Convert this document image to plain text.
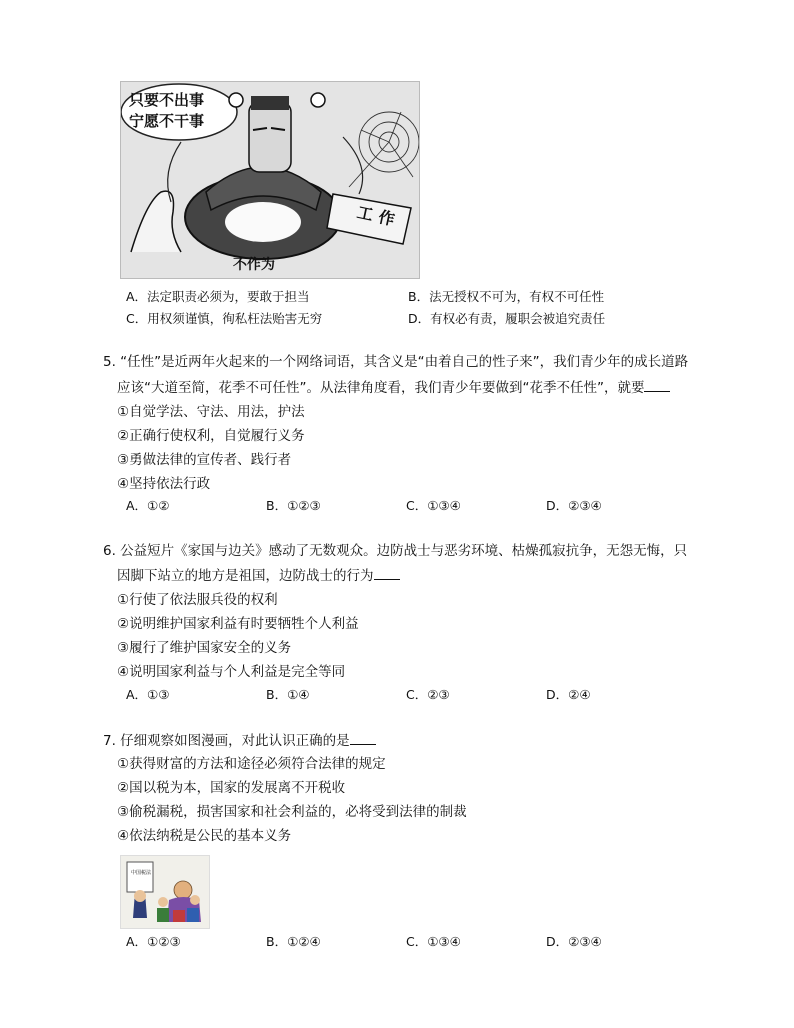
只要不出事
宁愿不干事
工作
不作为
A．法定职责必须为，要敢于担当	B．法无授权不可为，有权不可任性
C．用权须谨慎，徇私枉法贻害无穷	D．有权必有责，履职会被追究责任
5. “任性”是近两年火起来的一个网络词语，其含义是“由着自己的性子来”，我们青少年的成长道路
应该“大道至简，花季不可任性”。从法律角度看，我们青少年要做到“花季不任性”，就要
①自觉学法、守法、用法，护法
②正确行使权利，自觉履行义务
③勇做法律的宣传者、践行者
④坚持依法行政
A．①②	B．①②③	C．①③④	D．②③④
6. 公益短片《家国与边关》感动了无数观众。边防战士与恶劣环境、枯燥孤寂抗争，无怨无悔，只
因脚下站立的地方是祖国，边防战士的行为
①行使了依法服兵役的权利
②说明维护国家利益有时要牺牲个人利益
③履行了维护国家安全的义务
④说明国家利益与个人利益是完全等同
A．①③	B．①④	C．②③	D．②④
7. 仔细观察如图漫画，对此认识正确的是
①获得财富的方法和途径必须符合法律的规定
②国以税为本，国家的发展离不开税收
③偷税漏税，损害国家和社会利益的，必将受到法律的制裁
④依法纳税是公民的基本义务
中国税法
A．①②③	B．①②④	C．①③④	D．②③④
